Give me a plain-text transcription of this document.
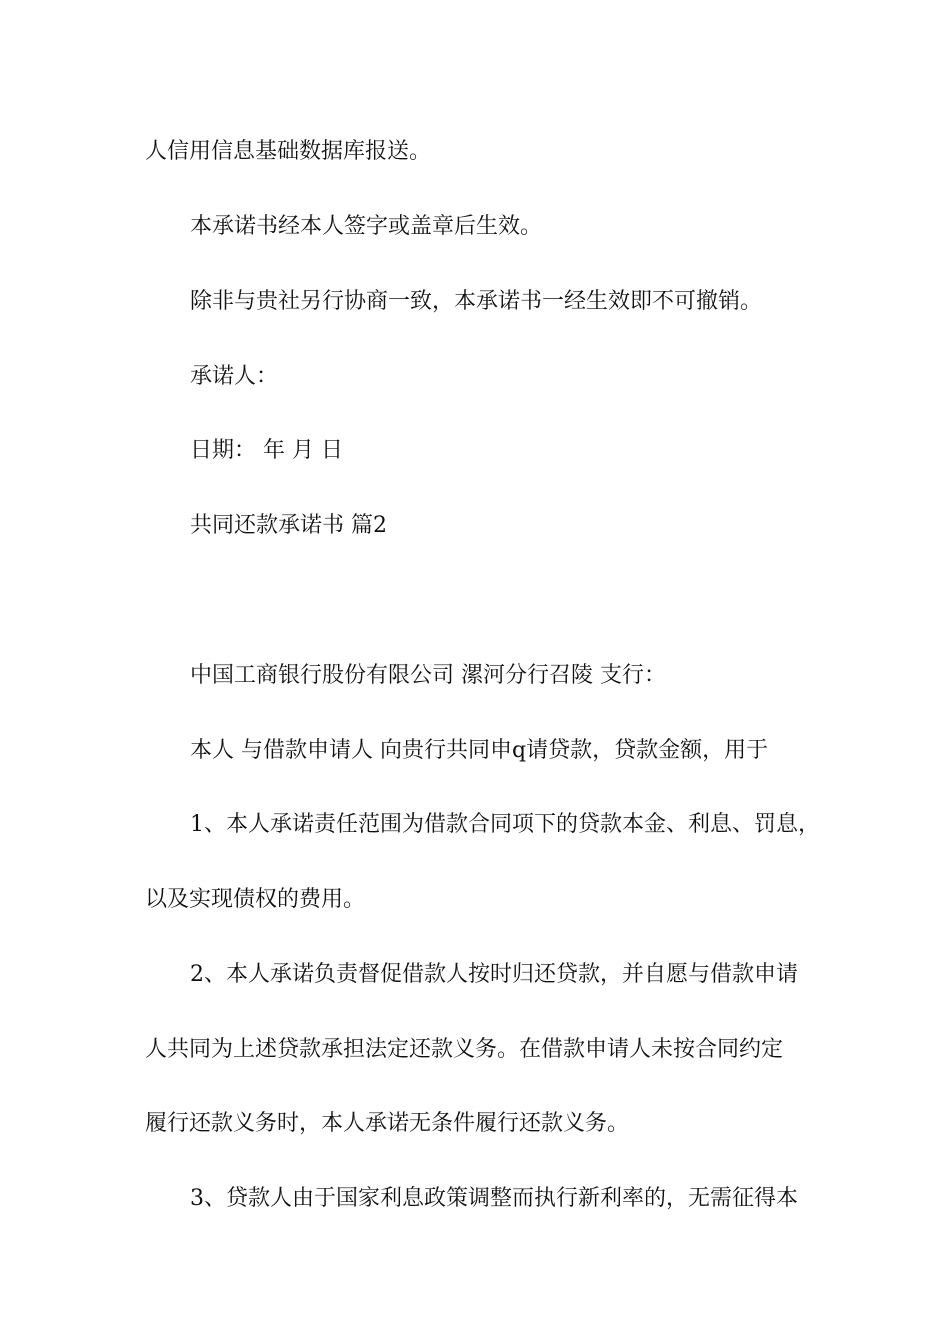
人信用信息基础数据库报送。
本承诺书经本人签字或盖章后生效。
除非与贵社另行协商一致，本承诺书一经生效即不可撤销。
承诺人：
日期： 年 月 日
共同还款承诺书 篇2
中国工商银行股份有限公司 漯河分行召陵 支行：
本人 与借款申请人 向贵行共同申q请贷款，贷款金额，用于
1、本人承诺责任范围为借款合同项下的贷款本金、利息、罚息，
以及实现债权的费用。
2、本人承诺负责督促借款人按时归还贷款，并自愿与借款申请
人共同为上述贷款承担法定还款义务。在借款申请人未按合同约定
履行还款义务时，本人承诺无条件履行还款义务。
3、贷款人由于国家利息政策调整而执行新利率的，无需征得本
